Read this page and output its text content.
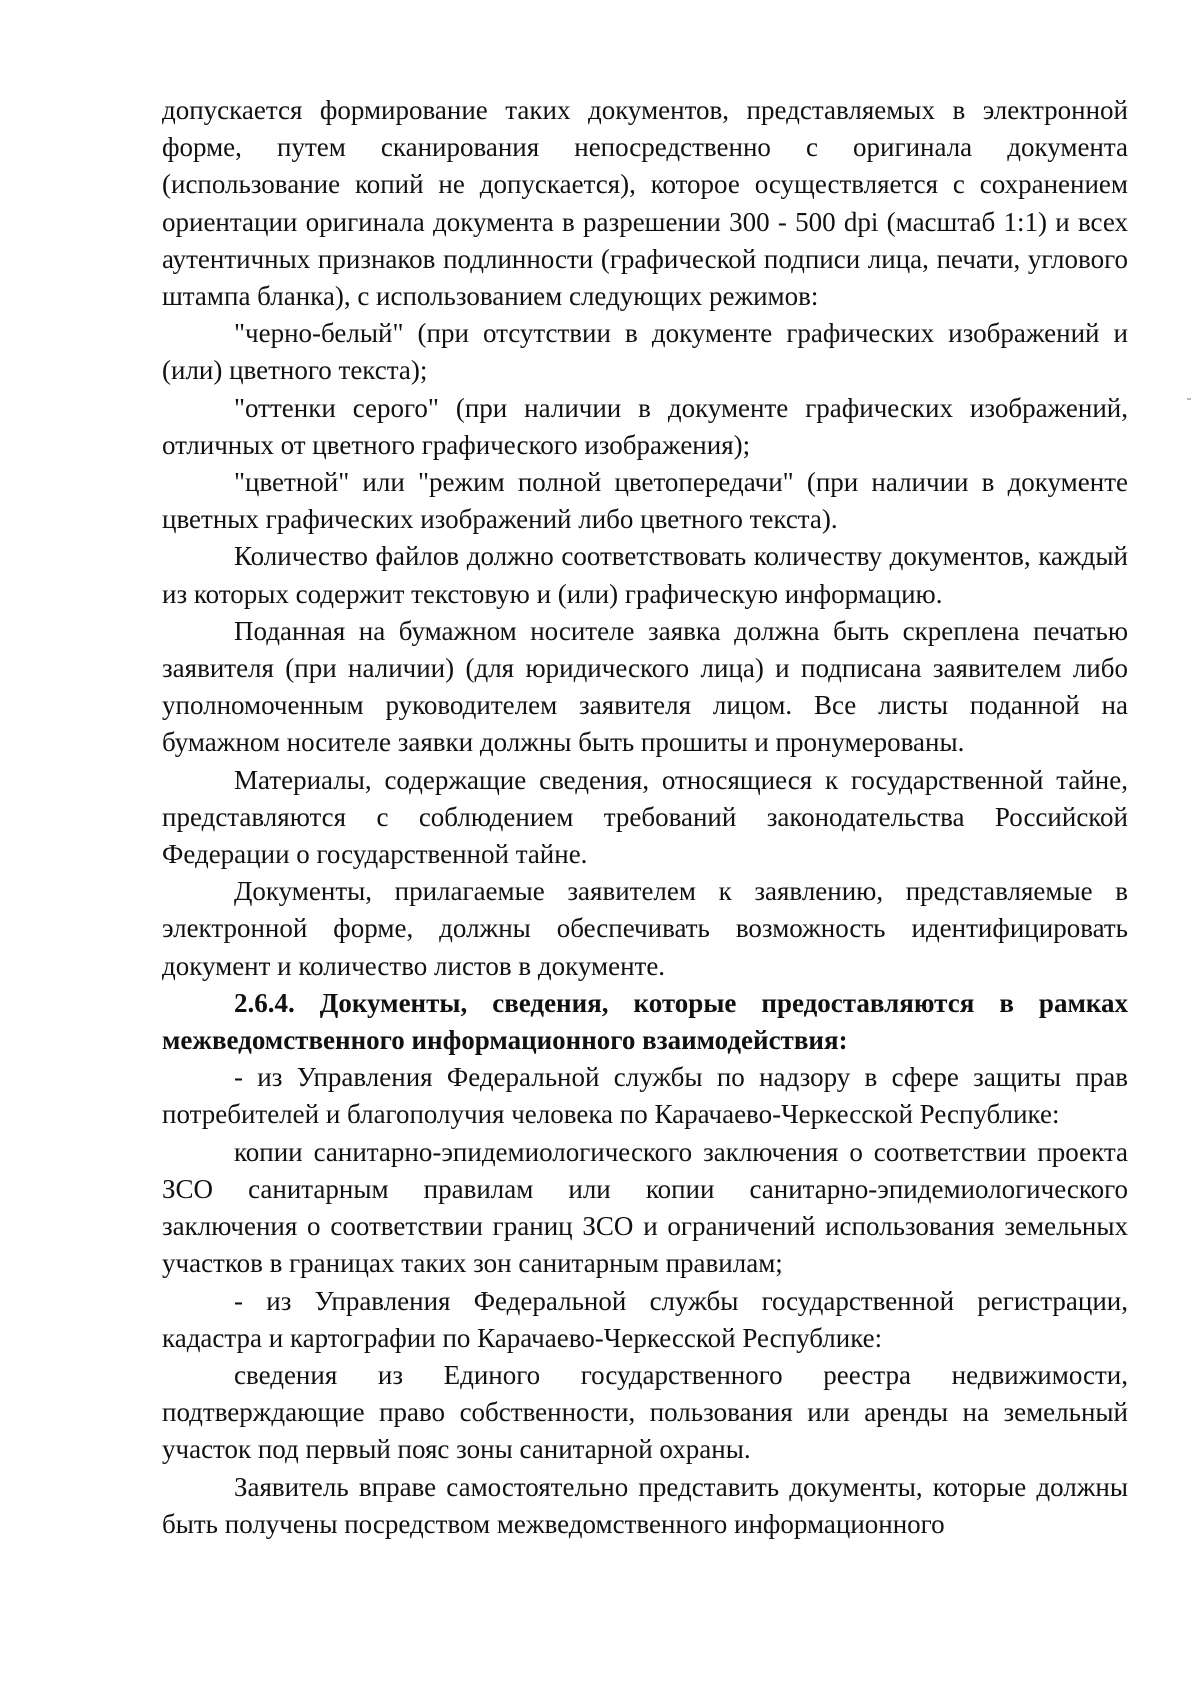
допускается формирование таких документов, представляемых в электронной форме, путем сканирования непосредственно с оригинала документа (использование копий не допускается), которое осуществляется с сохранением ориентации оригинала документа в разрешении 300 - 500 dpi (масштаб 1:1) и всех аутентичных признаков подлинности (графической подписи лица, печати, углового штампа бланка), с использованием следующих режимов:

"черно-белый" (при отсутствии в документе графических изображений и (или) цветного текста);

"оттенки серого" (при наличии в документе графических изображений, отличных от цветного графического изображения);

"цветной" или "режим полной цветопередачи" (при наличии в документе цветных графических изображений либо цветного текста).

Количество файлов должно соответствовать количеству документов, каждый из которых содержит текстовую и (или) графическую информацию.

Поданная на бумажном носителе заявка должна быть скреплена печатью заявителя (при наличии) (для юридического лица) и подписана заявителем либо уполномоченным руководителем заявителя лицом. Все листы поданной на бумажном носителе заявки должны быть прошиты и пронумерованы.

Материалы, содержащие сведения, относящиеся к государственной тайне, представляются с соблюдением требований законодательства Российской Федерации о государственной тайне.

Документы, прилагаемые заявителем к заявлению, представляемые в электронной форме, должны обеспечивать возможность идентифицировать документ и количество листов в документе.

2.6.4. Документы, сведения, которые предоставляются в рамках межведомственного информационного взаимодействия:

- из Управления Федеральной службы по надзору в сфере защиты прав потребителей и благополучия человека по Карачаево-Черкесской Республике:

копии санитарно-эпидемиологического заключения о соответствии проекта ЗСО санитарным правилам или копии санитарно-эпидемиологического заключения о соответствии границ ЗСО и ограничений использования земельных участков в границах таких зон санитарным правилам;

- из Управления Федеральной службы государственной регистрации, кадастра и картографии по Карачаево-Черкесской Республике:

сведения из Единого государственного реестра недвижимости, подтверждающие право собственности, пользования или аренды на земельный участок под первый пояс зоны санитарной охраны.

Заявитель вправе самостоятельно представить документы, которые должны быть получены посредством межведомственного информационного
